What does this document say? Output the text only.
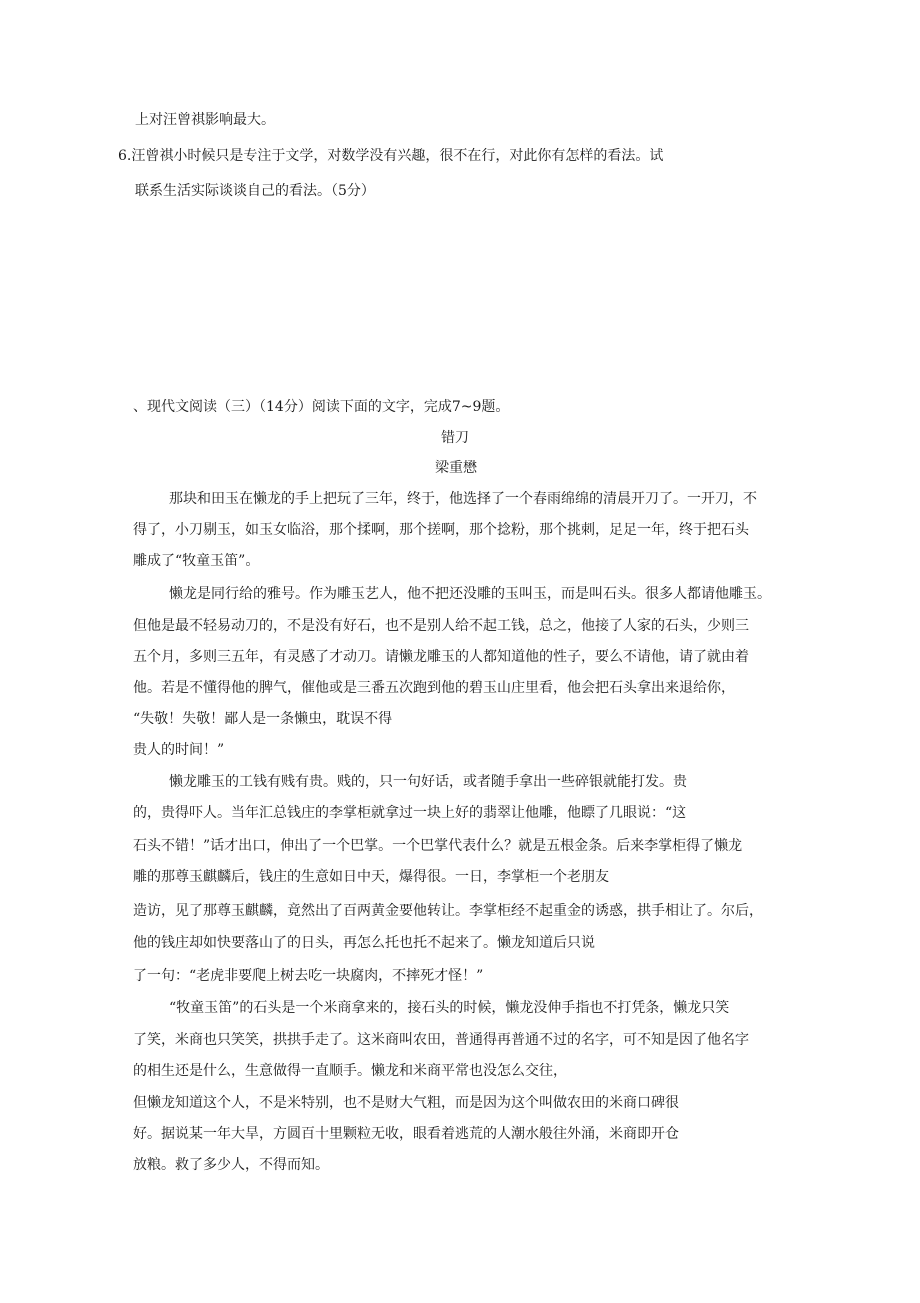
上对汪曾祺影响最大。
6.汪曾祺小时候只是专注于文学，对数学没有兴趣，很不在行，对此你有怎样的看法。试
联系生活实际谈谈自己的看法。（5分）
、现代文阅读（三）（14分）阅读下面的文字，完成7~9题。
错刀
梁重懋
那块和田玉在懒龙的手上把玩了三年，终于，他选择了一个春雨绵绵的清晨开刀了。一开刀，不
得了，小刀剔玉，如玉女临浴，那个揉啊，那个搓啊，那个捻粉，那个挑刺，足足一年，终于把石头
雕成了“牧童玉笛”。
懒龙是同行给的雅号。作为雕玉艺人，他不把还没雕的玉叫玉，而是叫石头。很多人都请他雕玉。
但他是最不轻易动刀的，不是没有好石，也不是别人给不起工钱，总之，他接了人家的石头，少则三
五个月，多则三五年，有灵感了才动刀。请懒龙雕玉的人都知道他的性子，要么不请他，请了就由着
他。若是不懂得他的脾气，催他或是三番五次跑到他的碧玉山庄里看，他会把石头拿出来退给你，
“失敬！失敬！鄙人是一条懒虫，耽误不得
贵人的时间！”
懒龙雕玉的工钱有贱有贵。贱的，只一句好话，或者随手拿出一些碎银就能打发。贵
的，贵得吓人。当年汇总钱庄的李掌柜就拿过一块上好的翡翠让他雕，他瞟了几眼说：“这
石头不错！”话才出口，伸出了一个巴掌。一个巴掌代表什么？就是五根金条。后来李掌柜得了懒龙
雕的那尊玉麒麟后，钱庄的生意如日中天，爆得很。一日，李掌柜一个老朋友
造访，见了那尊玉麒麟，竟然出了百两黄金要他转让。李掌柜经不起重金的诱惑，拱手相让了。尔后，
他的钱庄却如快要落山了的日头，再怎么托也托不起来了。懒龙知道后只说
了一句：“老虎非要爬上树去吃一块腐肉，不摔死才怪！”
“牧童玉笛”的石头是一个米商拿来的，接石头的时候，懒龙没伸手指也不打凭条，懒龙只笑
了笑，米商也只笑笑，拱拱手走了。这米商叫农田，普通得再普通不过的名字，可不知是因了他名字
的相生还是什么，生意做得一直顺手。懒龙和米商平常也没怎么交往，
但懒龙知道这个人，不是米特别，也不是财大气粗，而是因为这个叫做农田的米商口碑很
好。据说某一年大旱，方圆百十里颗粒无收，眼看着逃荒的人潮水般往外涌，米商即开仓
放粮。救了多少人，不得而知。
